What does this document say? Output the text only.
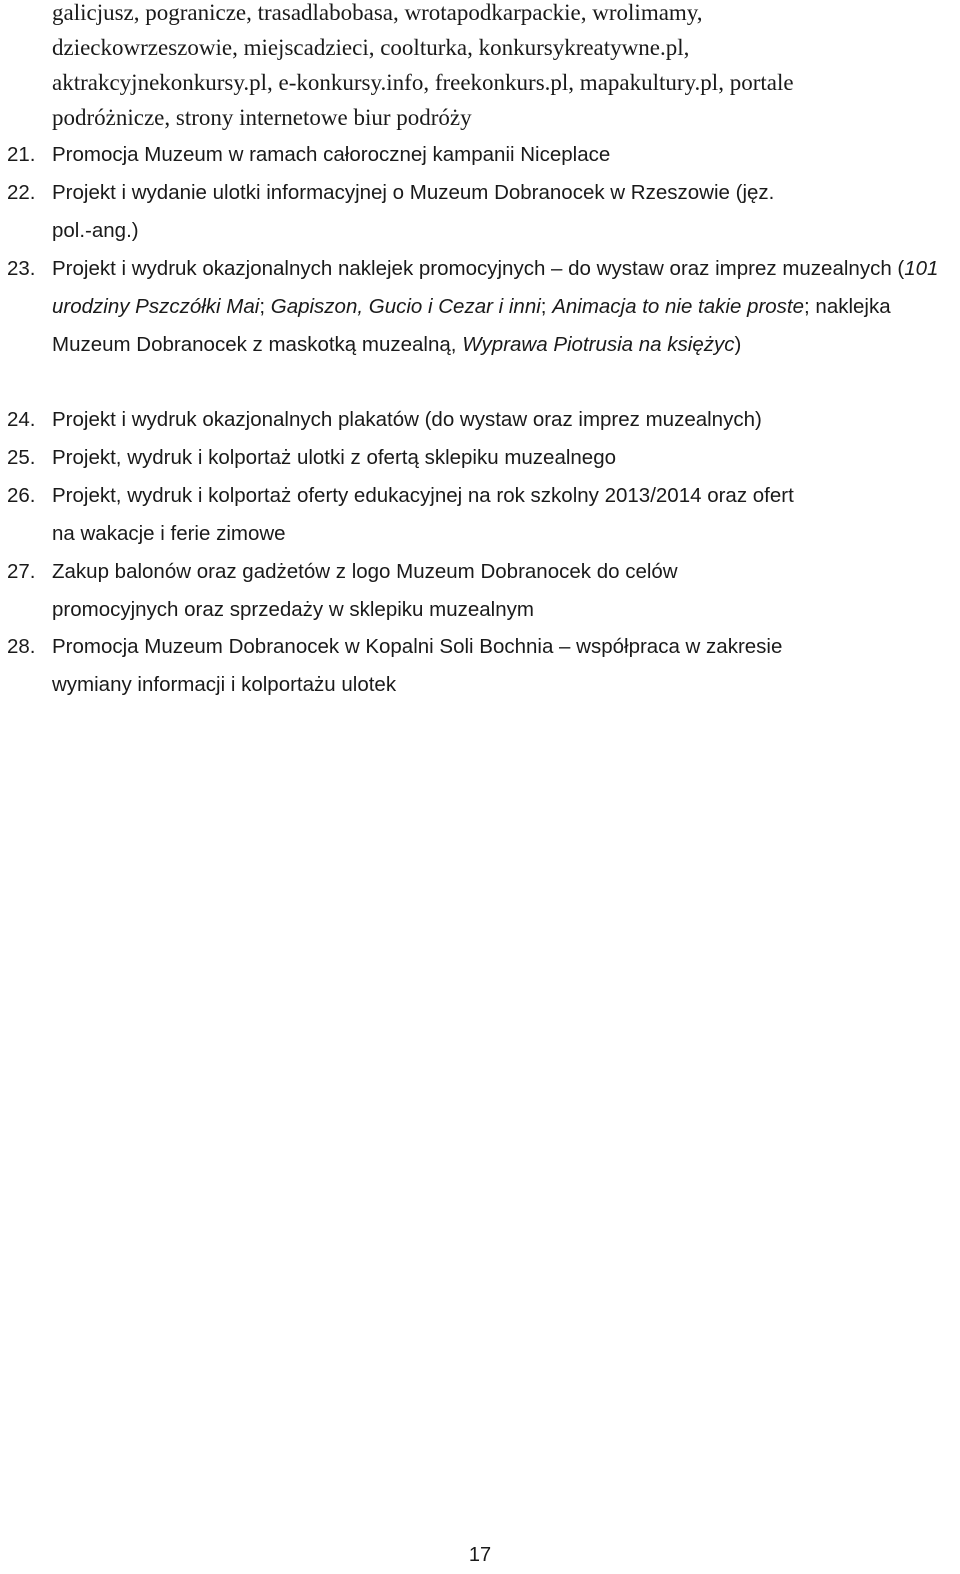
galicjusz, pogranicze, trasadlabobasa, wrotapodkarpackie, wrolimamy,
dzieckowrzeszowie, miejscadzieci, coolturka, konkursykreatywne.pl,
aktrakcyjnekonkursy.pl, e-konkursy.info, freekonkurs.pl, mapakultury.pl, portale
podróżnicze, strony internetowe biur podróży
21. Promocja Muzeum w ramach całorocznej kampanii Niceplace
22. Projekt i wydanie ulotki informacyjnej o Muzeum Dobranocek w Rzeszowie (jęz.
pol.-ang.)
23. Projekt i wydruk okazjonalnych naklejek promocyjnych – do wystaw oraz imprez muzealnych (101 urodziny Pszczółki Mai; Gapiszon, Gucio i Cezar i inni; Animacja to nie takie proste; naklejka Muzeum Dobranocek z maskotką muzealną, Wyprawa Piotrusia na księżyc)
24. Projekt i wydruk okazjonalnych plakatów (do wystaw oraz imprez muzealnych)
25. Projekt, wydruk i kolportaż ulotki z ofertą sklepiku muzealnego
26. Projekt, wydruk i kolportaż oferty edukacyjnej na rok szkolny 2013/2014 oraz ofert
na wakacje i ferie zimowe
27. Zakup balonów oraz gadżetów z logo Muzeum Dobranocek do celów
promocyjnych oraz sprzedaży w sklepiku muzealnym
28. Promocja Muzeum Dobranocek w Kopalni Soli Bochnia – współpraca w zakresie
wymiany informacji i kolportażu ulotek
17
